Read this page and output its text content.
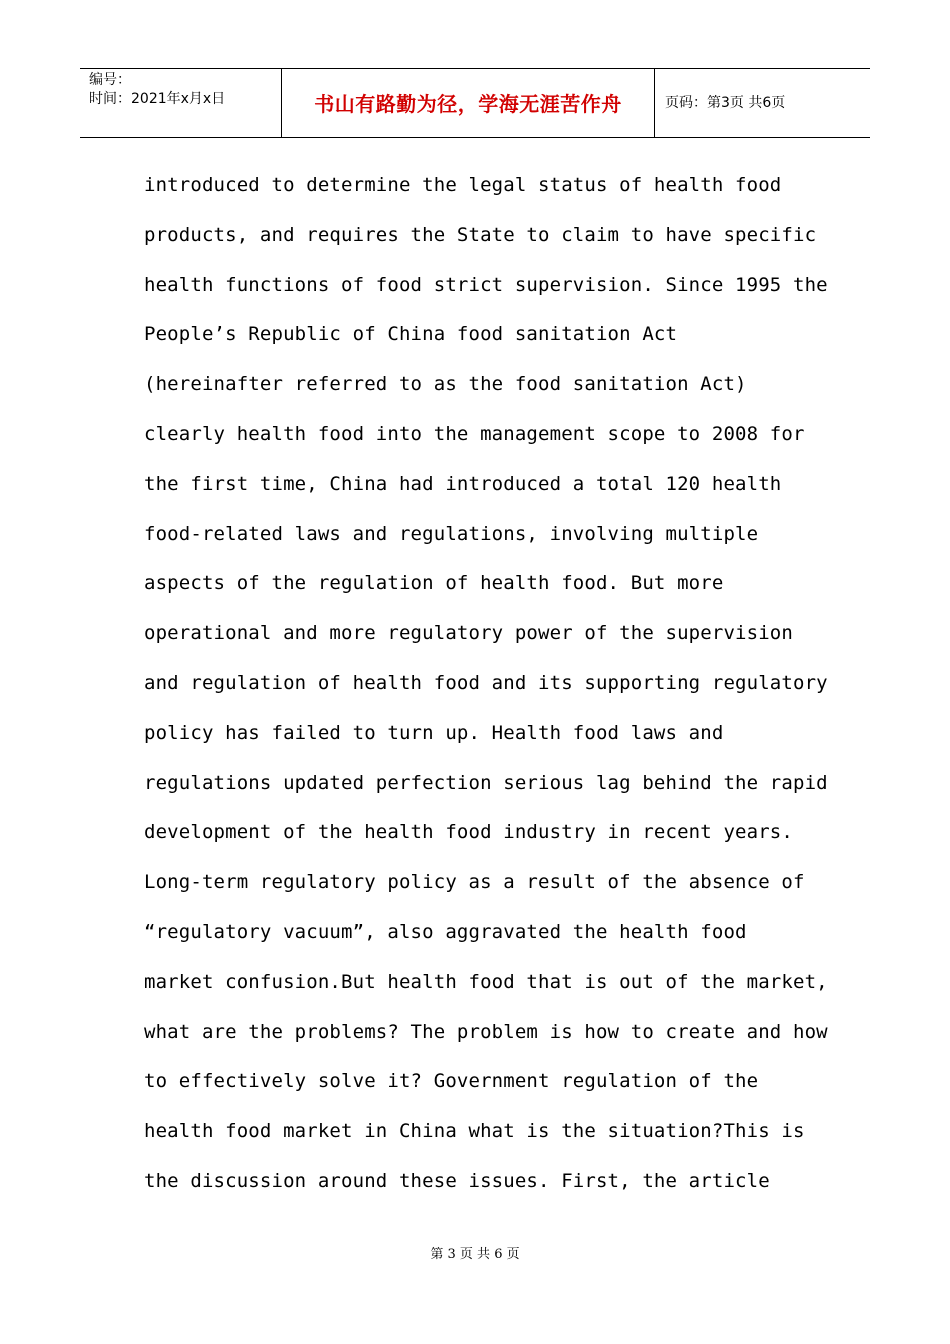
编号：
时间：2021年x月x日	书山有路勤为径，学海无涯苦作舟	页码：第3页 共6页
introduced to determine the legal status of health food
products, and requires the State to claim to have specific
health functions of food strict supervision. Since 1995 the
People’s Republic of China food sanitation Act
(hereinafter referred to as the food sanitation Act)
clearly health food into the management scope to 2008 for
the first time, China had introduced a total 120 health
food-related laws and regulations, involving multiple
aspects of the regulation of health food. But more
operational and more regulatory power of the supervision
and regulation of health food and its supporting regulatory
policy has failed to turn up. Health food laws and
regulations updated perfection serious lag behind the rapid
development of the health food industry in recent years.
Long-term regulatory policy as a result of the absence of
“regulatory vacuum”, also aggravated the health food
market confusion.But health food that is out of the market,
what are the problems? The problem is how to create and how
to effectively solve it? Government regulation of the
health food market in China what is the situation?This is
the discussion around these issues. First, the article
第 3 页 共 6 页
